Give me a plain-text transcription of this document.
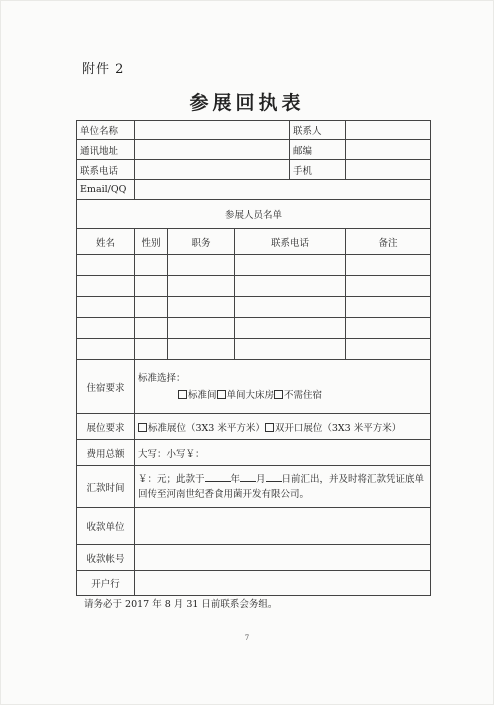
附件 2
参展回执表
单位名称				联系人	
通讯地址				邮编	
联系电话				手机	
Email/QQ					
参展人员名单					
姓名	性别	职务	联系电话		备注

住宿要求	标准选择：
标准间 单间大床房 不需住宿				

展位要求	标准展位（3X3 米平方米） 双开口展位（3X3 米平方米）				
费用总额	大写：小写￥：				
汇款时间	￥：元；此款于 年 月 日前汇出，并及时将汇款凭证底单回传至河南世纪香食用菌开发有限公司。				
收款单位					
收款帐号					
开户行					
请务必于 2017 年 8 月 31 日前联系会务组。
7
